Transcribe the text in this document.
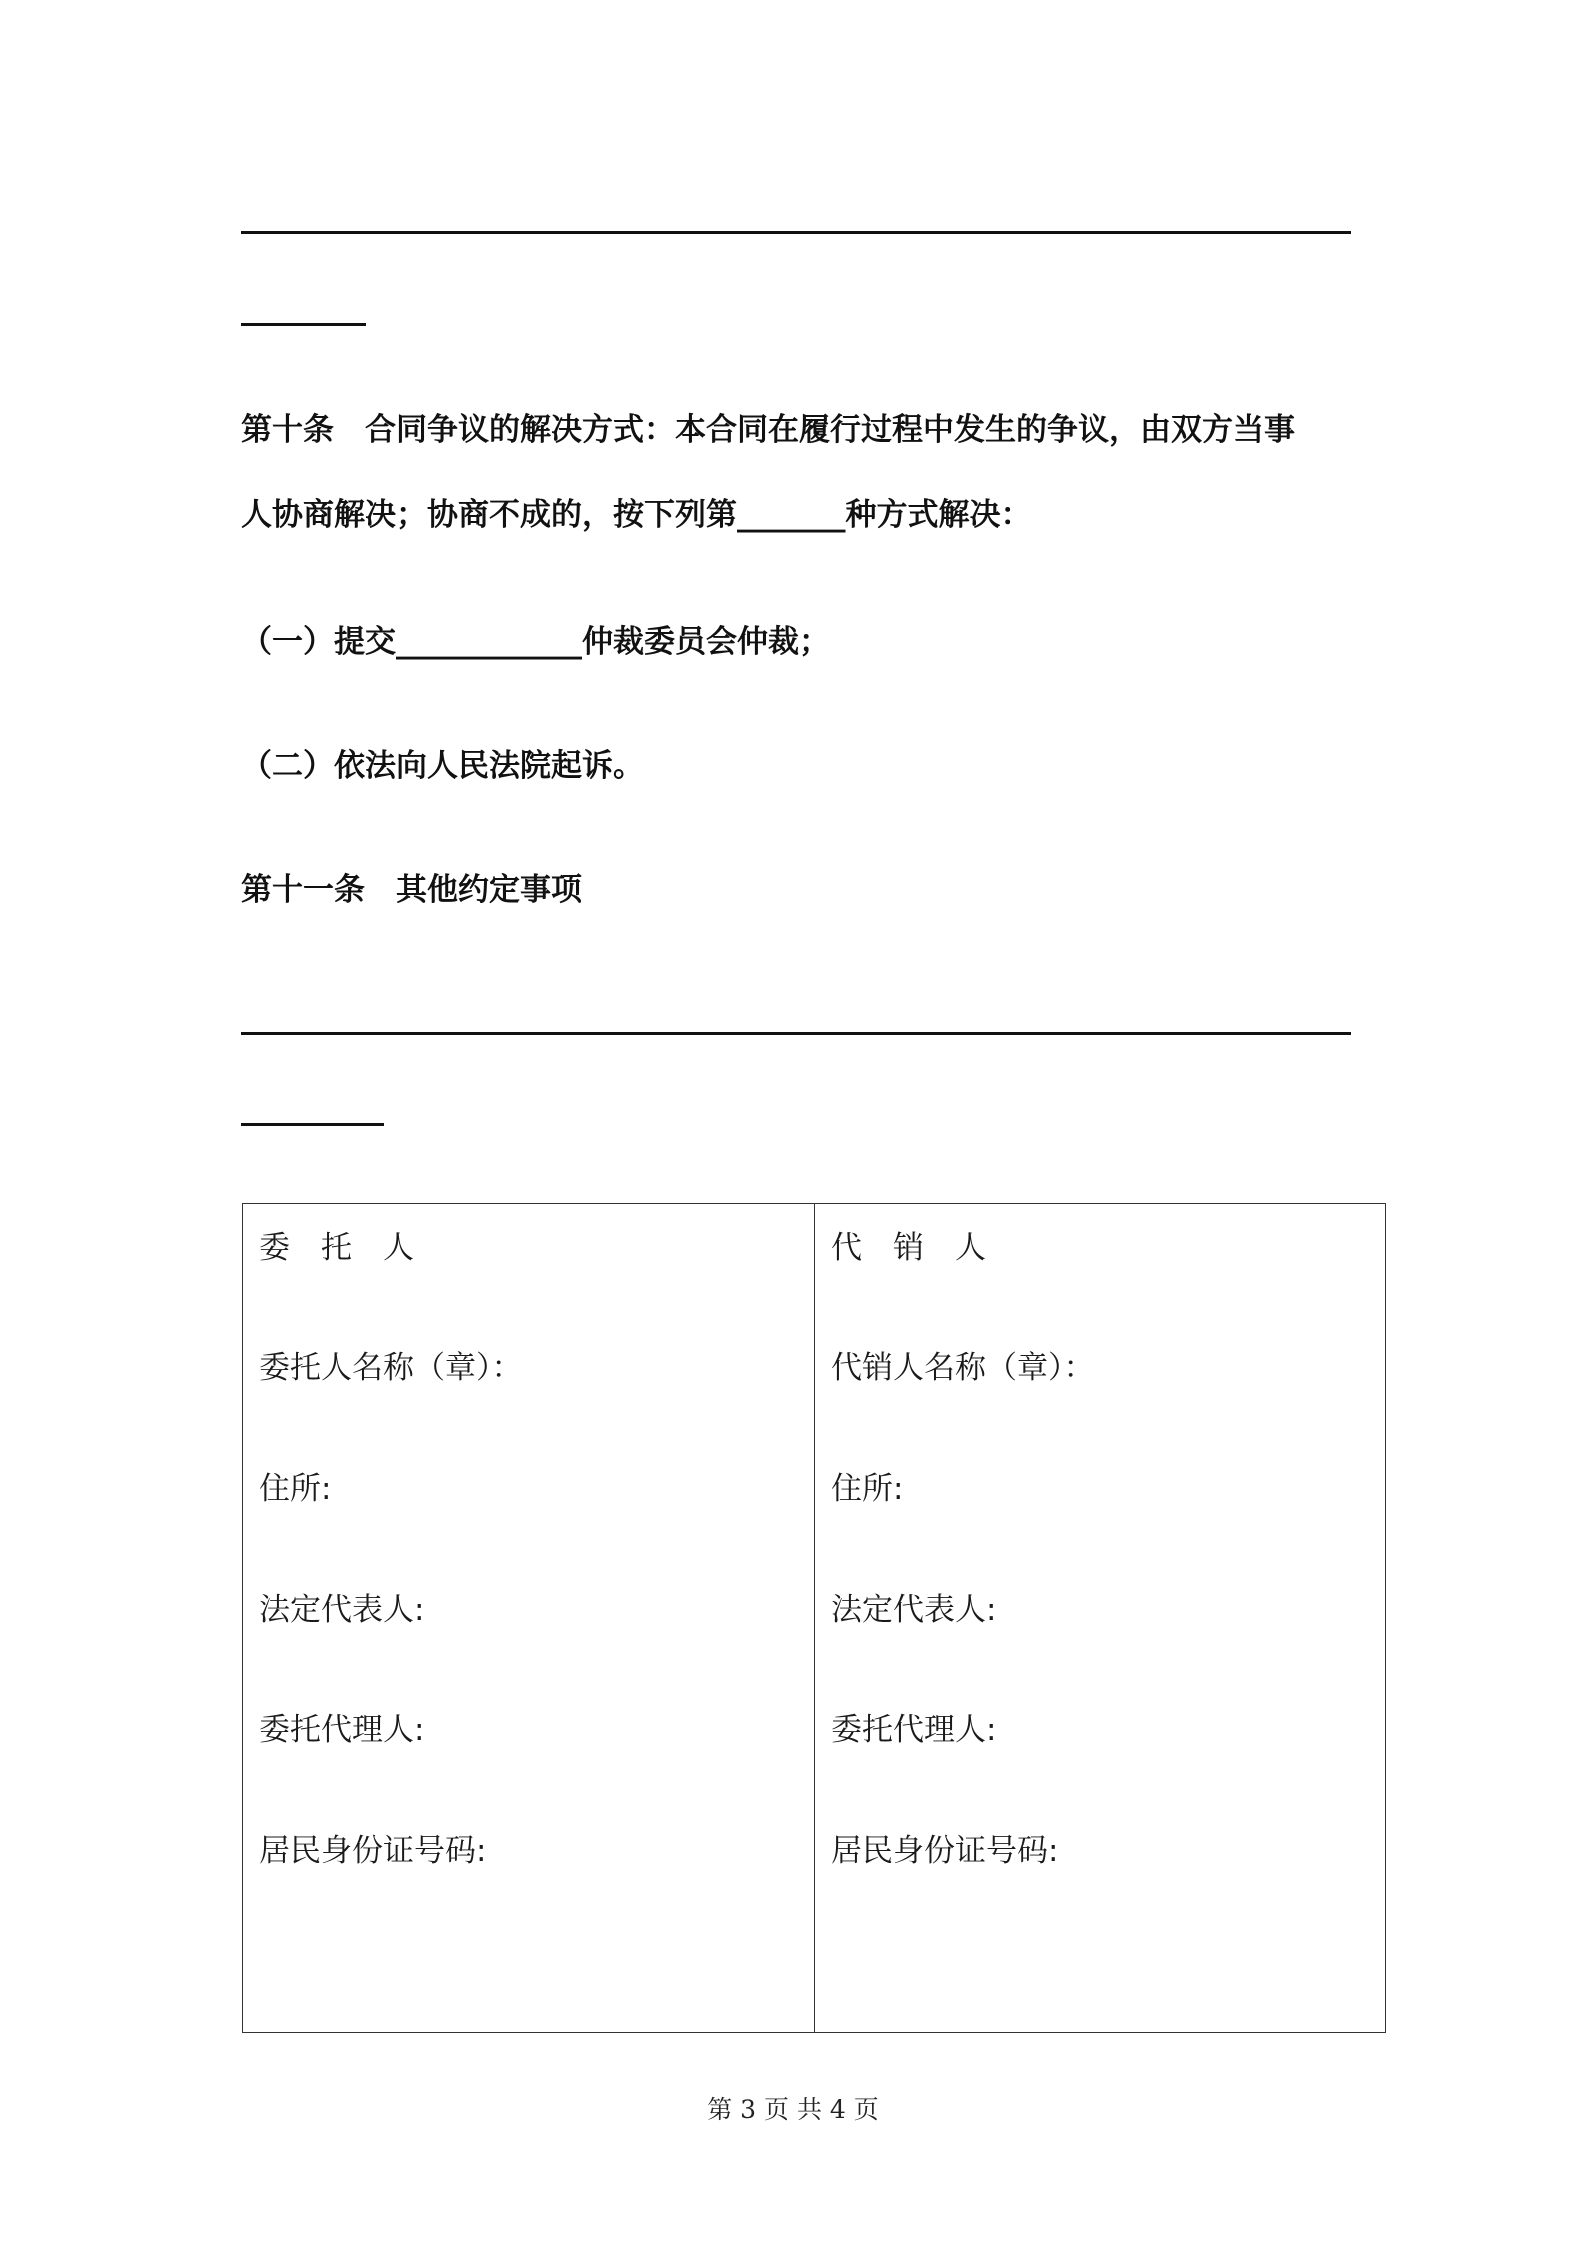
第十条　合同争议的解决方式：本合同在履行过程中发生的争议，由双方当事
人协商解决；协商不成的，按下列第_______种方式解决：
（一）提交____________仲裁委员会仲裁；
（二）依法向人民法院起诉。
第十一条　其他约定事项
委　托　人
委托人名称（章）：
住所:
法定代表人:
委托代理人:
居民身份证号码:
代　销　人
代销人名称（章）：
住所:
法定代表人:
委托代理人:
居民身份证号码:
第 3 页 共 4 页
